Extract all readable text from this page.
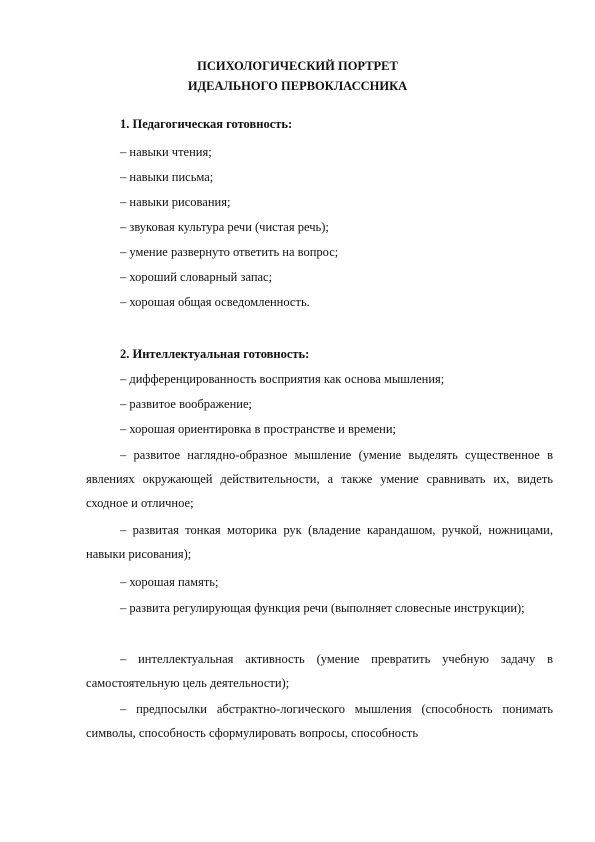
ПСИХОЛОГИЧЕСКИЙ ПОРТРЕТ
ИДЕАЛЬНОГО ПЕРВОКЛАССНИКА
1. Педагогическая готовность:
– навыки чтения;
– навыки письма;
– навыки рисования;
– звуковая культура речи (чистая речь);
– умение развернуто ответить на вопрос;
– хороший словарный запас;
– хорошая общая осведомленность.
2. Интеллектуальная готовность:
– дифференцированность восприятия как основа мышления;
– развитое воображение;
– хорошая ориентировка в пространстве и времени;
– развитое наглядно-образное мышление (умение выделять существенное в явлениях окружающей действительности, а также умение сравнивать их, видеть сходное и отличное;
– развитая тонкая моторика рук (владение карандашом, ручкой, ножницами, навыки рисования);
– хорошая память;
– развита регулирующая функция речи (выполняет словесные инструкции);
– интеллектуальная активность (умение превратить учебную задачу в самостоятельную цель деятельности);
– предпосылки абстрактно-логического мышления (способность понимать символы, способность сформулировать вопросы, способность
